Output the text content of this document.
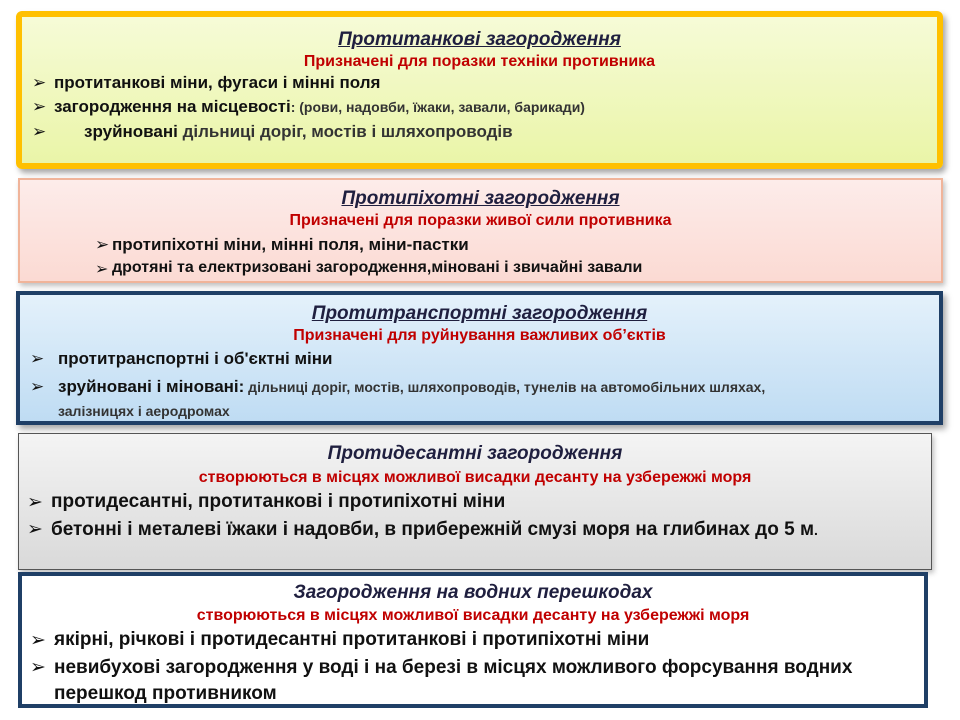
Протитанкові загородження
Призначені для поразки техніки противника
➢ протитанкові міни, фугаси і мінні поля
➢ загородження на місцевості: (рови, надовби, їжаки, завали, барикади)
➢ зруйновані дільниці доріг, мостів і шляхопроводів
Протипіхотні загородження
Призначені для поразки живої сили противника
➢ протипіхотні міни, мінні поля, міни-пастки
➢ дротяні та електризовані загородження,міновані і звичайні завали
Протитранспортні загородження
Призначені для руйнування важливих об’єктів
➢ протитранспортні і об'єктні міни
➢ зруйновані і міновані: дільниці доріг, мостів, шляхопроводів, тунелів на автомобільних шляхах,
залізницях і аеродромах
Протидесантні загородження
створюються в місцях можливої висадки десанту на узбережжі моря
➢ протидесантні, протитанкові і протипіхотні міни
➢ бетонні і металеві їжаки і надовби, в прибережній смузі моря на глибинах до 5 м.
Загородження на водних перешкодах
створюються в місцях можливої висадки десанту на узбережжі моря
➢ якірні, річкові і протидесантні протитанкові і протипіхотні міни
➢ невибухові загородження у воді і на березі в місцях можливого форсування водних перешкод противником
